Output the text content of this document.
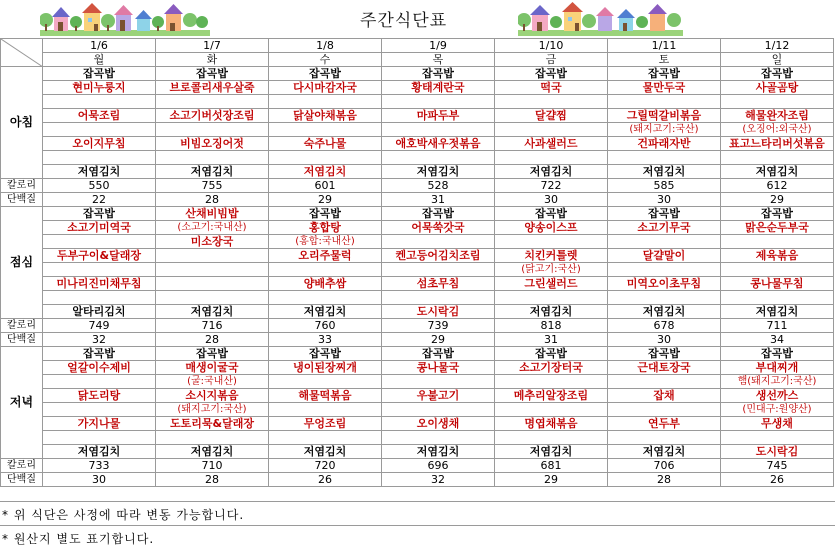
주간식단표
	1/6	1/7	1/8	1/9	1/10	1/11	1/12
	월	화	수	목	금	토	일
아침	잡곡밥	잡곡밥	잡곡밥	잡곡밥	잡곡밥	잡곡밥	잡곡밥
	현미누룽지	브로콜리새우살죽	다시마감자국	황태계란국	떡국	물만두국	사골곰탕

	어묵조림	소고기버섯장조림	닭살야채볶음	마파두부	달걀찜	그릴떡갈비볶음	해물완자조림
						(돼지고기:국산)	(오징어:외국산)
	오이지무침	비빔오징어젓	숙주나물	애호박새우젓볶음	사과샐러드	건파래자반	표고느타리버섯볶음

	저염김치	저염김치	저염김치	저염김치	저염김치	저염김치	저염김치
칼로리	550	755	601	528	722	585	612
단백질	22	28	29	31	30	30	29
점심	잡곡밥	산채비빔밥	잡곡밥	잡곡밥	잡곡밥	잡곡밥	잡곡밥
	소고기미역국	(소고기:국내산)	홍합탕	어묵쑥갓국	양송이스프	소고기무국	맑은순두부국
		미소장국	(홍합:국내산)				
	두부구이&달래장		오리주물럭	켄고등어김치조림	치킨커틀렛	달걀말이	제육볶음
					(닭고기:국산)		
	미나리진미채무침		양배추쌈	섬초무침	그린샐러드	미역오이초무침	콩나물무침

	알타리김치	저염김치	저염김치	도시락김	저염김치	저염김치	저염김치
칼로리	749	716	760	739	818	678	711
단백질	32	28	33	29	31	30	34
저녁	잡곡밥	잡곡밥	잡곡밥	잡곡밥	잡곡밥	잡곡밥	잡곡밥
	얼갈이수제비	매생이굴국	냉이된장찌개	콩나물국	소고기장터국	근대토장국	부대찌개
		(굴:국내산)					햄(돼지고기:국산)
	닭도리탕	소시지볶음	해물떡볶음	우불고기	메추리알장조림	잡채	생선까스
		(돼지고기:국산)					(민대구:원양산)
	가지나물	도토리묵&달래장	무엉조림	오이생채	명엽채볶음	연두부	무생채

	저염김치	저염김치	저염김치	저염김치	저염김치	저염김치	도시락김
칼로리	733	710	720	696	681	706	745
단백질	30	28	26	32	29	28	26
* 위 식단은 사정에 따라 변동 가능합니다.
* 원산지 별도 표기합니다.
